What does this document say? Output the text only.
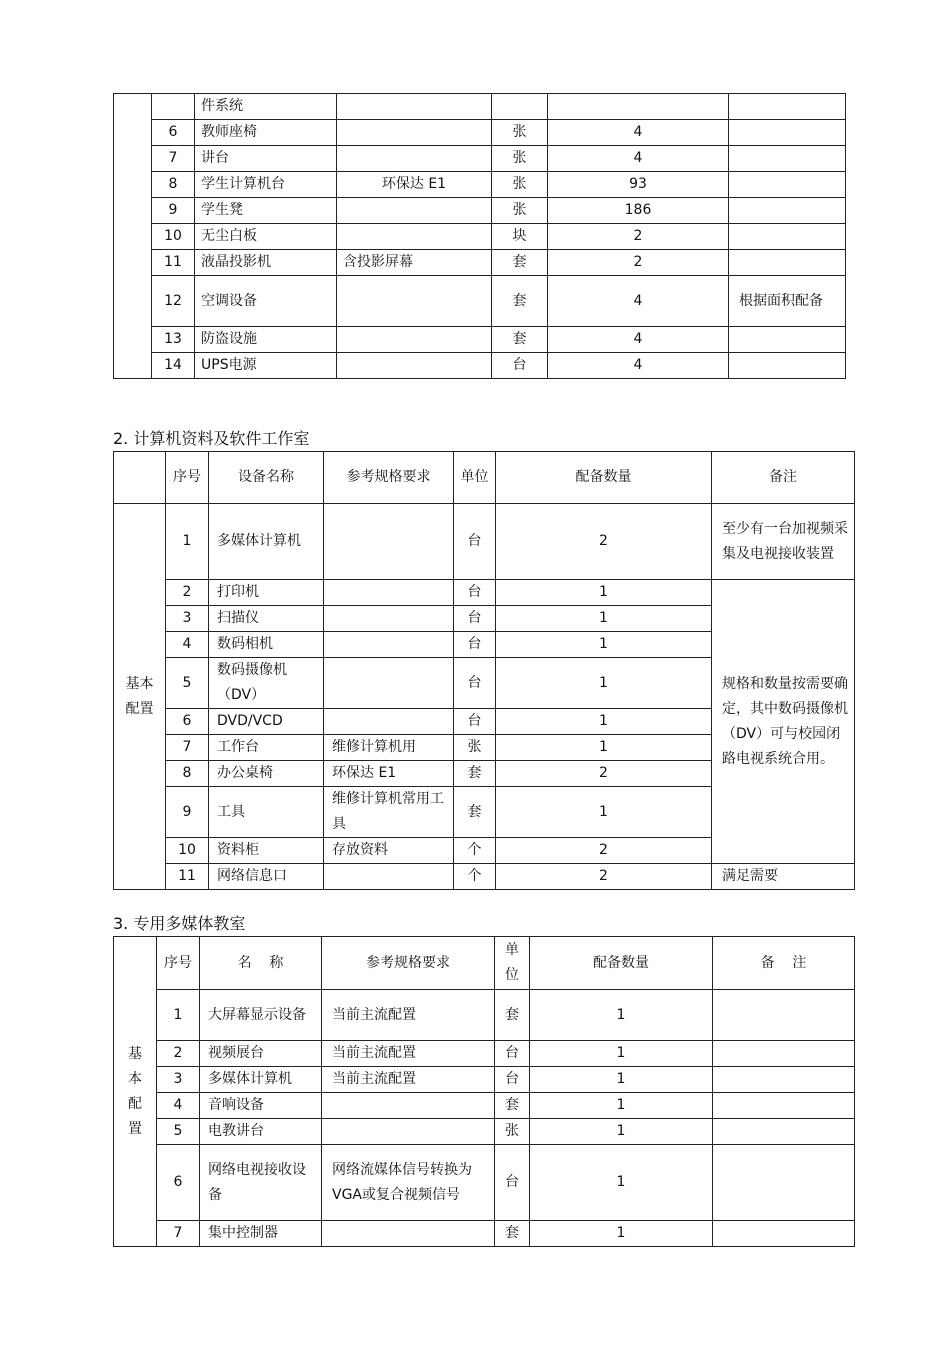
		件系统				
	6	教师座椅		张	4	
	7	讲台		张	4	
	8	学生计算机台	环保达 E1	张	93	
	9	学生凳		张	186	
	10	无尘白板		块	2	
	11	液晶投影机	含投影屏幕	套	2	
	12	空调设备		套	4	根据面积配备
	13	防盗设施		套	4	
	14	UPS电源		台	4	
2. 计算机资料及软件工作室
	序号	设备名称	参考规格要求	单位	配备数量	备注
基本配置	1	多媒体计算机		台	2	至少有一台加视频采集及电视接收装置
	2	打印机		台	1	规格和数量按需要确定，其中数码摄像机（DV）可与校园闭路电视系统合用。
	3	扫描仪		台	1	
	4	数码相机		台	1	
	5	数码摄像机（DV）		台	1	
	6	DVD/VCD		台	1	
	7	工作台	维修计算机用	张	1	
	8	办公桌椅	环保达 E1	套	2	
	9	工具	维修计算机常用工具	套	1	
	10	资料柜	存放资料	个	2	
	11	网络信息口		个	2	满足需要
3. 专用多媒体教室
基本配置	序号	名    称	参考规格要求	单位	配备数量	备    注
	1	大屏幕显示设备	当前主流配置	套	1	
	2	视频展台	当前主流配置	台	1	
	3	多媒体计算机	当前主流配置	台	1	
	4	音响设备		套	1	
	5	电教讲台		张	1	
	6	网络电视接收设备	网络流媒体信号转换为 VGA或复合视频信号	台	1	
	7	集中控制器		套	1	
